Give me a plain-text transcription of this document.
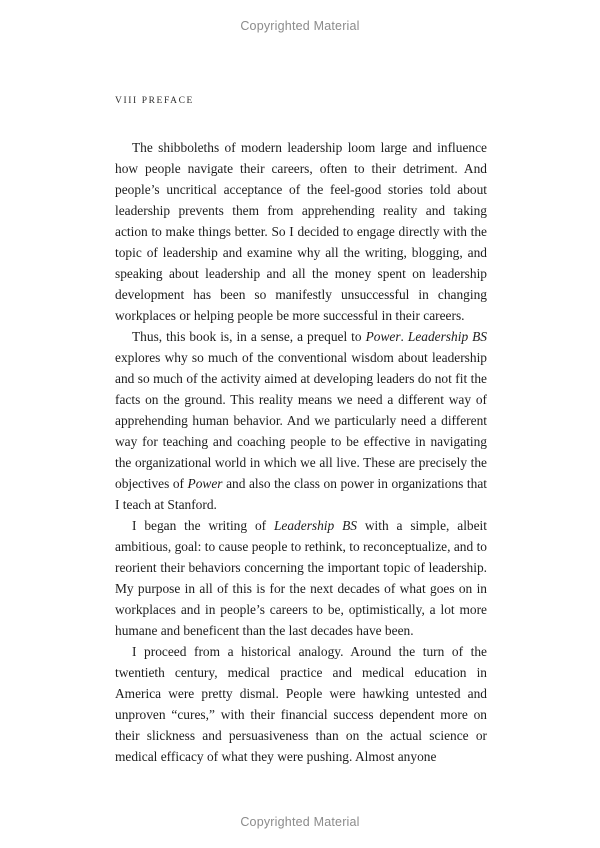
Copyrighted Material
VIII PREFACE

The shibboleths of modern leadership loom large and influence how people navigate their careers, often to their detriment. And people’s uncritical acceptance of the feel-good stories told about leadership prevents them from apprehending reality and taking action to make things better. So I decided to engage directly with the topic of leadership and examine why all the writing, blogging, and speaking about leadership and all the money spent on leadership development has been so manifestly unsuccessful in changing workplaces or helping people be more successful in their careers.

Thus, this book is, in a sense, a prequel to Power. Leadership BS explores why so much of the conventional wisdom about leadership and so much of the activity aimed at developing leaders do not fit the facts on the ground. This reality means we need a different way of apprehending human behavior. And we particularly need a different way for teaching and coaching people to be effective in navigating the organizational world in which we all live. These are precisely the objectives of Power and also the class on power in organizations that I teach at Stanford.

I began the writing of Leadership BS with a simple, albeit ambitious, goal: to cause people to rethink, to reconceptualize, and to reorient their behaviors concerning the important topic of leadership. My purpose in all of this is for the next decades of what goes on in workplaces and in people’s careers to be, optimistically, a lot more humane and beneficent than the last decades have been.

I proceed from a historical analogy. Around the turn of the twentieth century, medical practice and medical education in America were pretty dismal. People were hawking untested and unproven “cures,” with their financial success dependent more on their slickness and persuasiveness than on the actual science or medical efficacy of what they were pushing. Almost anyone

Copyrighted Material
